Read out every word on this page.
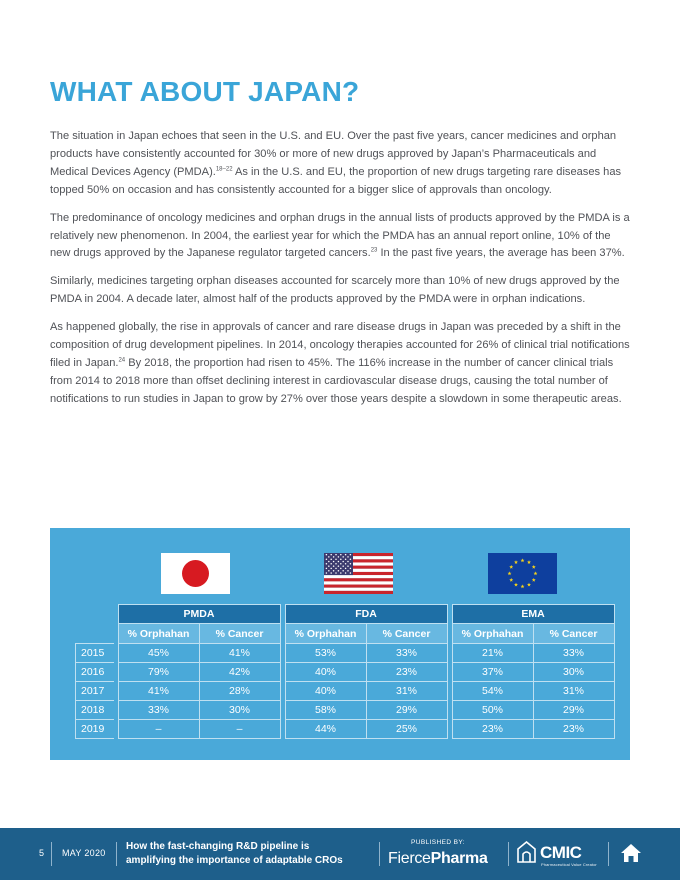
WHAT ABOUT JAPAN?

The situation in Japan echoes that seen in the U.S. and EU. Over the past five years, cancer medicines and orphan products have consistently accounted for 30% or more of new drugs approved by Japan’s Pharmaceuticals and Medical Devices Agency (PMDA).$^{18-22}$ As in the U.S. and EU, the proportion of new drugs targeting rare diseases has topped 50% on occasion and has consistently accounted for a bigger slice of approvals than oncology.

The predominance of oncology medicines and orphan drugs in the annual lists of products approved by the PMDA is a relatively new phenomenon. In 2004, the earliest year for which the PMDA has an annual report online, 10% of the new drugs approved by the Japanese regulator targeted cancers.$^{23}$ In the past five years, the average has been 37%.

Similarly, medicines targeting orphan diseases accounted for scarcely more than 10% of new drugs approved by the PMDA in 2004. A decade later, almost half of the products approved by the PMDA were in orphan indications.

As happened globally, the rise in approvals of cancer and rare disease drugs in Japan was preceded by a shift in the composition of drug development pipelines. In 2014, oncology therapies accounted for 26% of clinical trial notifications filed in Japan.$^{24}$ By 2018, the proportion had risen to 45%. The 116% increase in the number of cancer clinical trials from 2014 to 2018 more than offset declining interest in cardiovascular disease drugs, causing the total number of notifications to run studies in Japan to grow by 27% over those years despite a slowdown in some therapeutic areas.

		PMDA			FDA			EMA	
		% Orphahan	% Cancer		% Orphahan	% Cancer		% Orphahan	% Cancer
2015		45%	41%		53%	33%		21%	33%
2016		79%	42%		40%	23%		37%	30%
2017		41%	28%		40%	31%		54%	31%
2018		33%	30%		58%	29%		50%	29%
2019		–	–		44%	25%		23%	23%
5 MAY 2020
How the fast-changing R&D pipeline is
amplifying the importance of adaptable CROs
PUBLISHED BY:
FiercePharma	CMIC
Pharmaceutical Value Creator
